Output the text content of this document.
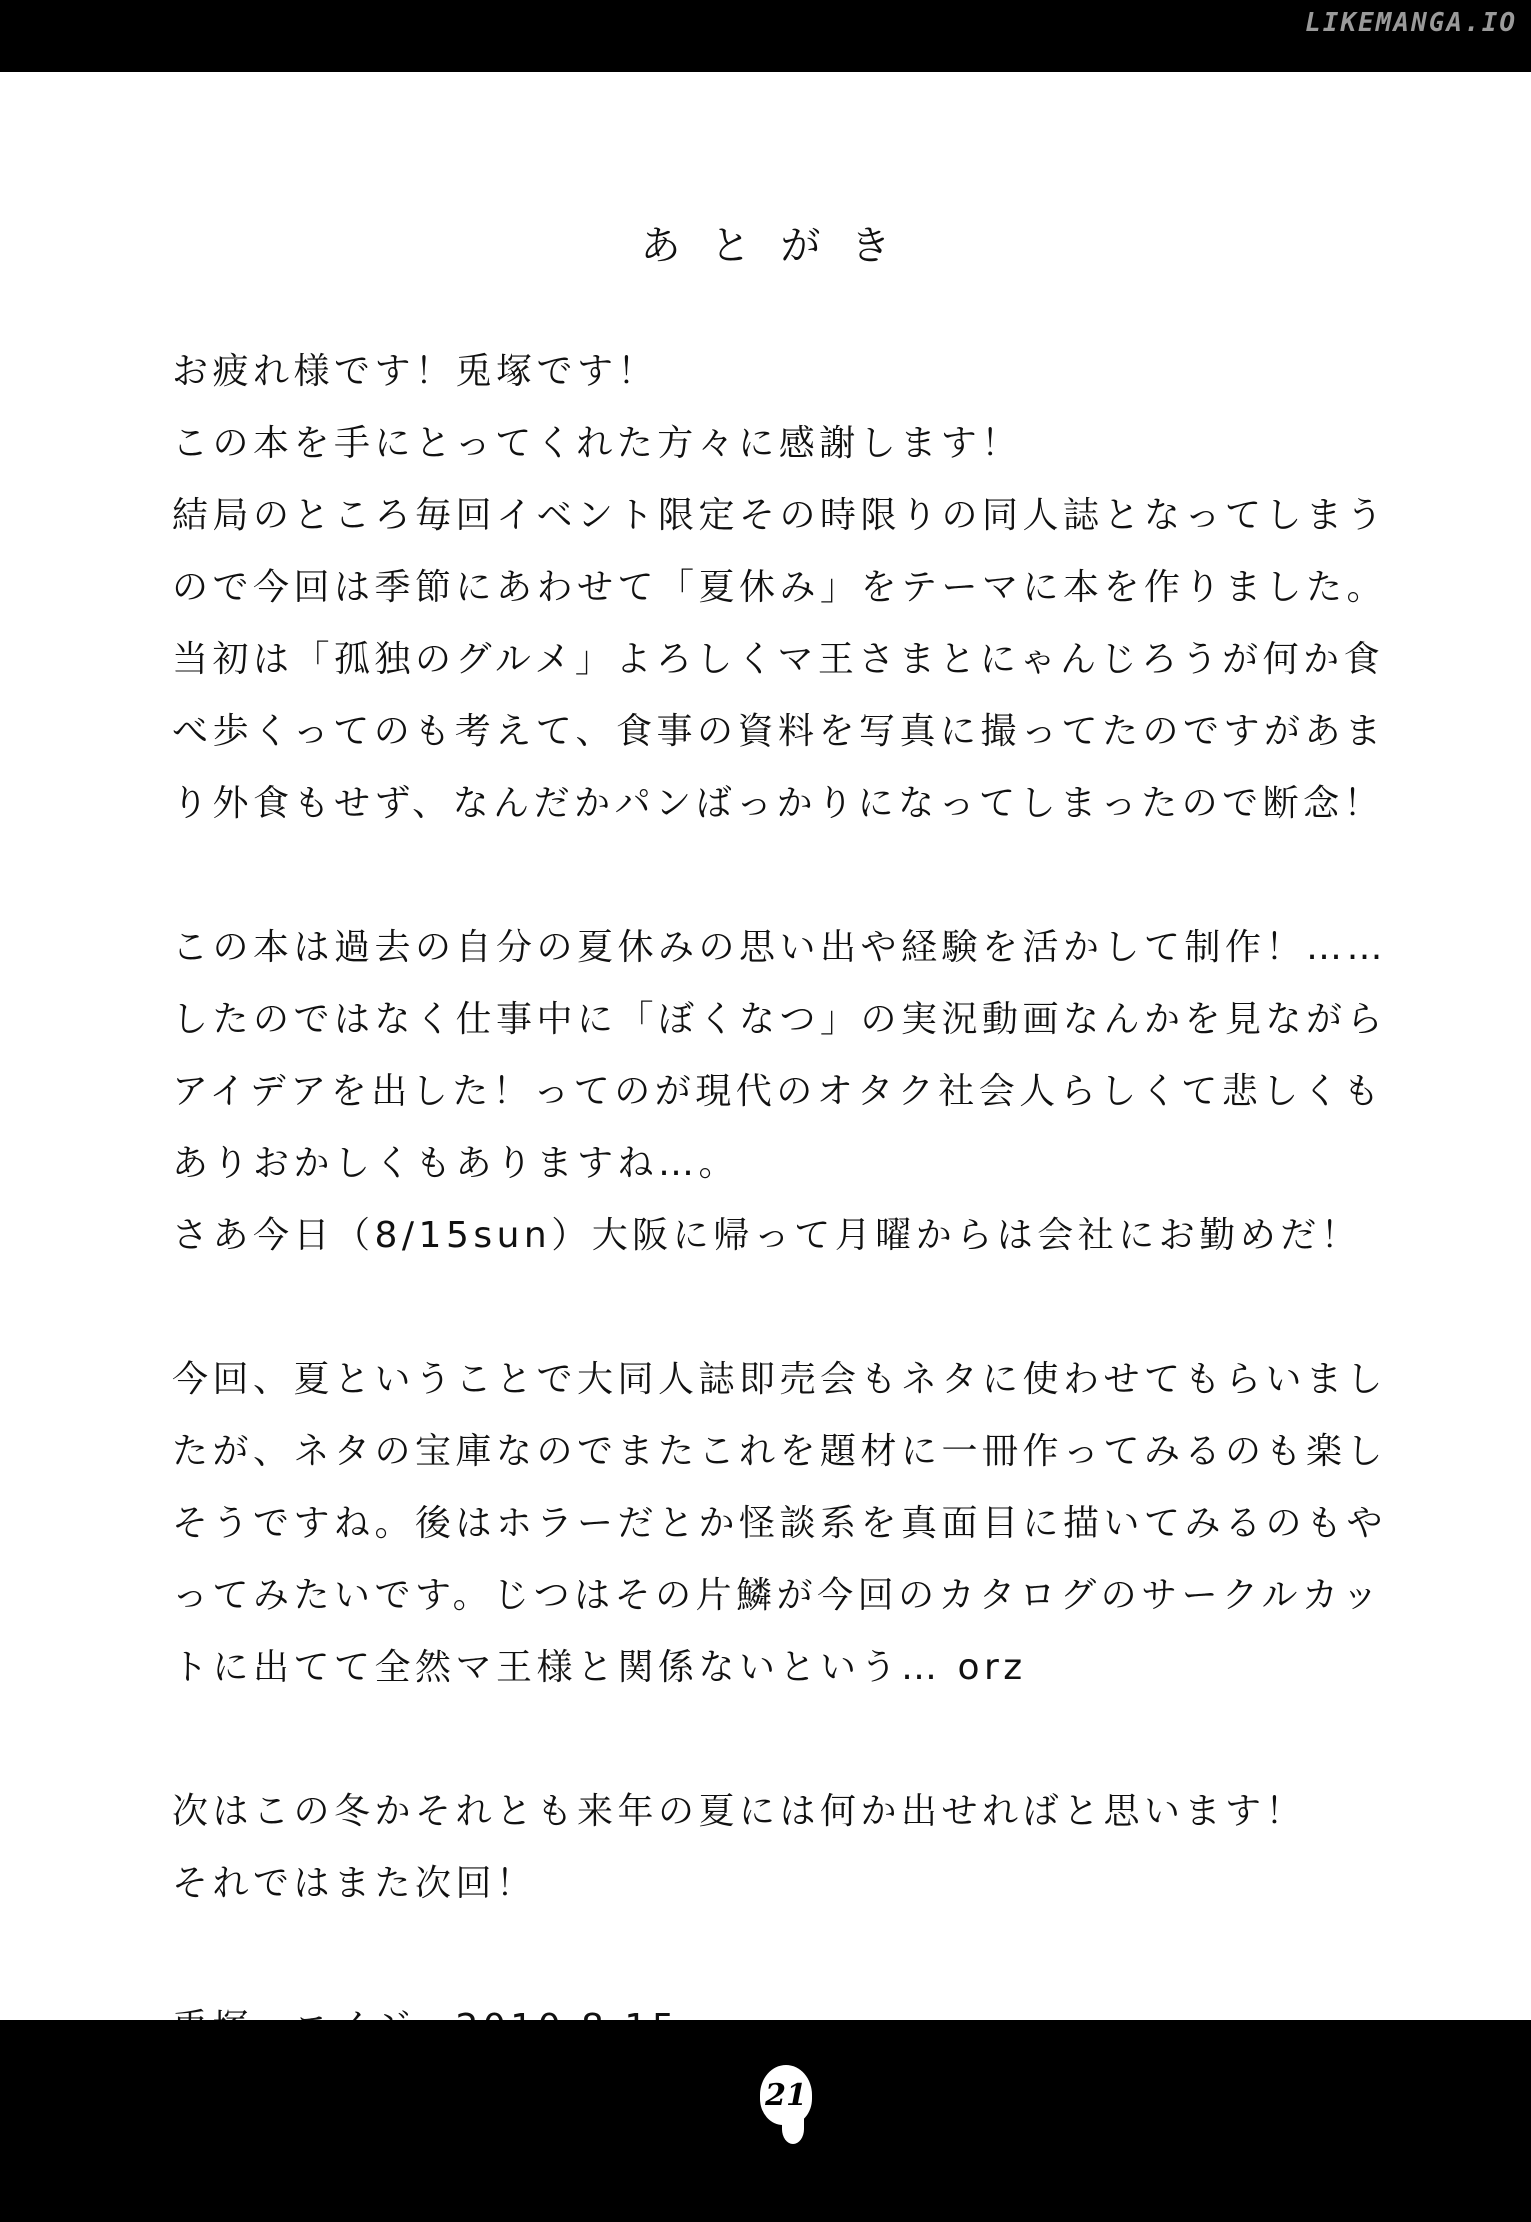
LIKEMANGA.IO
あとがき
お疲れ様です！兎塚です！
この本を手にとってくれた方々に感謝します！
結局のところ毎回イベント限定その時限りの同人誌となってしまう
ので今回は季節にあわせて「夏休み」をテーマに本を作りました。
当初は「孤独のグルメ」よろしくマ王さまとにゃんじろうが何か食
べ歩くってのも考えて、食事の資料を写真に撮ってたのですがあま
り外食もせず、なんだかパンばっかりになってしまったので断念！
この本は過去の自分の夏休みの思い出や経験を活かして制作！……
したのではなく仕事中に「ぼくなつ」の実況動画なんかを見ながら
アイデアを出した！ってのが現代のオタク社会人らしくて悲しくも
ありおかしくもありますね…。
さあ今日（8/15sun）大阪に帰って月曜からは会社にお勤めだ！
今回、夏ということで大同人誌即売会もネタに使わせてもらいまし
たが、ネタの宝庫なのでまたこれを題材に一冊作ってみるのも楽し
そうですね。後はホラーだとか怪談系を真面目に描いてみるのもや
ってみたいです。じつはその片鱗が今回のカタログのサークルカッ
トに出てて全然マ王様と関係ないという… orz
次はこの冬かそれとも来年の夏には何か出せればと思います！
それではまた次回！
21
